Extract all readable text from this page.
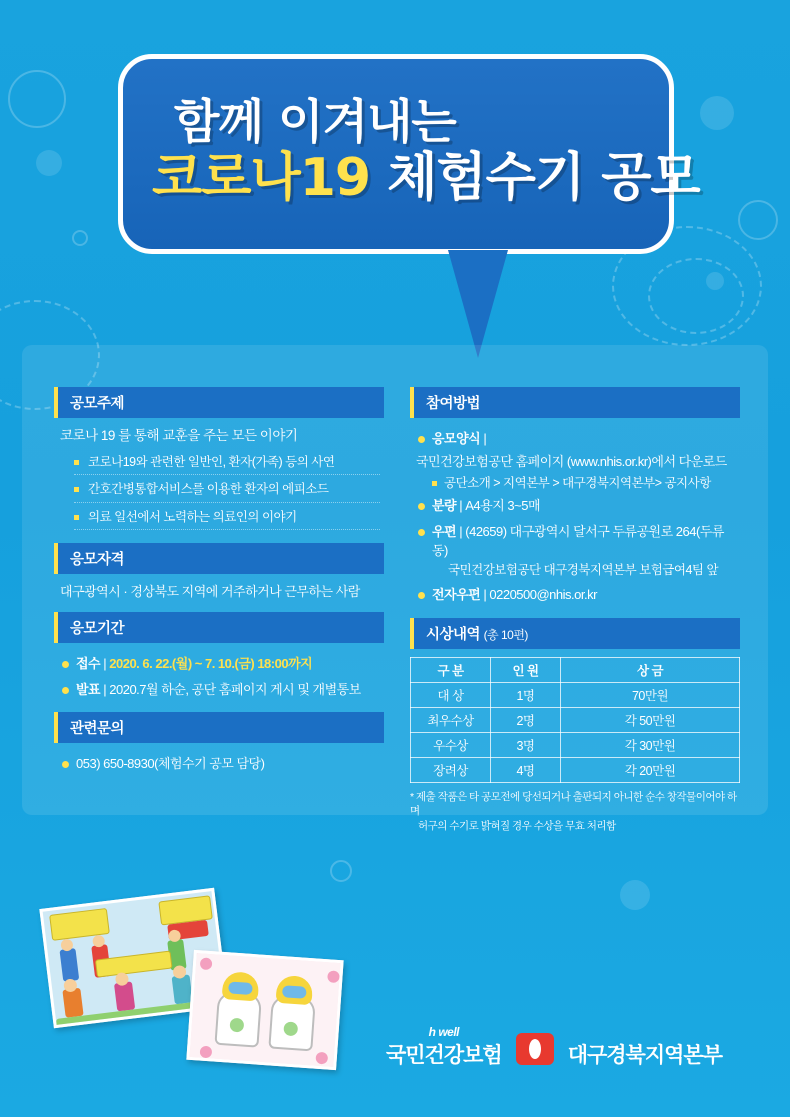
함께 이겨내는
코로나19 체험수기 공모
공모주제
코로나 19 를 통해 교훈을 주는 모든 이야기
코로나19와 관련한 일반인, 환자(가족) 등의 사연
간호간병통합서비스를 이용한 환자의 에피소드
의료 일선에서 노력하는 의료인의 이야기
응모자격
대구광역시 · 경상북도 지역에 거주하거나 근무하는 사람
응모기간
접수 | 2020. 6. 22.(월) ~ 7. 10.(금) 18:00까지
발표 | 2020.7월 하순, 공단 홈페이지 게시 및 개별통보
관련문의
053) 650-8930(체험수기 공모 담당)
참여방법
응모양식 |
국민건강보험공단 홈페이지 (www.nhis.or.kr)에서 다운로드
공단소개 > 지역본부 > 대구경북지역본부> 공지사항
분량 | A4용지 3~5매
우편 | (42659) 대구광역시 달서구 두류공원로 264(두류동)
국민건강보험공단 대구경북지역본부 보험급여4팀 앞
전자우편 | 0220500@nhis.or.kr
시상내역 (총 10편)
구 분	인 원	상 금
대 상	1명	70만원
최우수상	2명	각 50만원
우수상	3명	각 30만원
장려상	4명	각 20만원
* 제출 작품은 타 공모전에 당선되거나 출판되지 아니한 순수 창작물이어야 하며
허구의 수기로 밝혀질 경우 수상을 무효 처리함
h well
국민건강보험	대구경북지역본부
